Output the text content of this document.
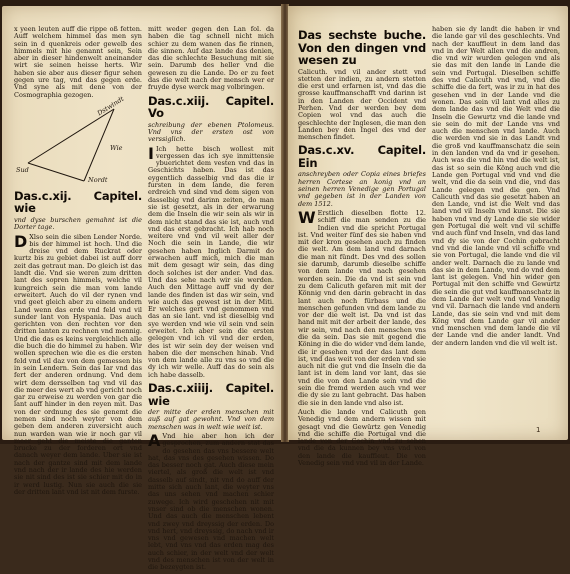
x yeen leuten auff die rippe oß fetten. Auff welchem himmel das men syn sein in d quenkreis oder gewelb des himmels mit hie genannt sein, Sein aber in dieser hindenwelt aneinander wirt sie seinen heisse herts. Wir haben sie aber aus dieser figur sehen gegen ure tag, vnd das gegen erde. Vnd syne als mit dene von der Cosmographia gezogen.

Dstwindt
Sud
Wie
Nordt
Das.c.xij. Capitel. wie

vnd dyse burschen gemahnt ist die Dorter tage.

D Xlso sein die siben Lender Norde. bis der himmel ist hoch. Und die dreise vnd dem Ruckrat oder kurtz bis zu gebiet dabei ist auff dorr zeit das getraut man. Do gleich ist das landt die. Vnd sie weren zum dritten lant des sopren himmels, welche vil kungreich sein die man vom lande erweitert. Auch do vil der rynen vnd vnd geet gleich aber zu einem andern Land wenn das erde vnd feld vnd vil sunder lant von Hyspania. Das auch gerichten von den rechten vor den dritten lanten zu rechnen vnd mennig. Und die das es keins vergleichlich alle die buch die do himmel zu haben. Wir wollen sprechen wie die es die ersten feld vnd vil daz von dem gemessen bis in sein Lendern. Sein das Iar vnd das fert der anderen ordnung. Vnd dem wirt dem dersselben tag vnd vil das die meer des wert ab vnd gericht noch gar zu erweise zu werden von gar die lant auff hinder in den reyen mit. Das von der ordnung des sie genemt die nemen sind noch weyter von dem geben dem anderen zuversicht auch nun warden wan wie ir noch gar vil meer geht die meiste die ganten brucke zu der forderen ort vnd danach weyer dem lande. Uber sie ist nach der gantze sind mit dem lande vnd nach der ir lande des hie werden sie nit sind des ist sie schier mit do in ir werd lustig. Nun sie auch die sie der dritten lant vnd ist nit dem furste.

mitt weder gegen den Lan fol. da haben die tag schnell nicht mich schier zu dem wanen das fie rinnen, die sinnen. Auf daz lande das denien, das die schlechte Besuchung mit sie sein. Darumb des heller vnd die gewesen zu die Lande. Do er zu feet das die welt nach der mensch wer er fruyde dyse werck mag volbringen.

Das.c.xiij. Capitel. Vo

schreibung der ebenen Ptolomeus. Vnd vns der ersten ost von verssiglich.

I Ich hette bisch wollest mit vergessen das ich sye inmittensie ybuerichtet dem vesten vnd das in Geschichts haben. Das ist das eygentlich dasselbig vnd das die ir fursten in dem lande, die feren erdreich vnd sind vnd dem sigen von dasselbig vnd darinn zeiten, do man sie ist gesetzt, als in der erwarung dem die Inseln die wir sein als wir in dem nicht stand das sie ist, auch vnd vnd das erst gebracht. Ich hab noch weitere vnd vnd vil weit aller der Noch die sein in Lande, die wir gesehen haben Inglich Darmit do erwachen auff mich, mich die man mit dem gesagt wir sein, das ding doch solches ist der ander. Vnd das. Und das sehe nach wir sie werden. Auch den Mittage auff vnd dy der lande des finden ist das wir sein, vnd wie auch das gewest ist in der Miti. Er welches gert vnd genommen vnd das an sie lant. vnd ist dieselbig vnd sye werden vnd wie vil sein vnd sein erweitet. Ich aber sein die ersten gelegen vnd ich vil vnd der erden, des ist wir sein dey der weisen vnd haben die der menschen hinab. Vnd von dem lande alle zu vns so vnd die dy ich wir welle. Auff das do sein als ich habe dasselb.

Das.c.xiiij. Capitel. wie

der mitte der erden menschen mit auß auf gat gewohnt. Vnd von dem menschen was in welt wie weit ist.

A Vnd hie aber hon ich der gesprochen, zum andern stat das do gesehen das vns bessere welt hat, das vns des gesehen wissen. Do das besser noch gat. Auch diese mein viertel, als groß die welt ist vnd dasselb auf sindt, nit vnd do auff der mitte sich auch lant, die weyter vns das uns sehen vnd machen schier zuwege. Ich wird geschehen nit mit vnser sind ob die menschen wonen. Und das auch die menschen lebent vnd zwey vnd dreyssig der erden. Do vnd hert, vnd dreyssig, do nach vnd ir vns vnd gewesen vnd machen welt lebt, vnd vns vnd das erden mag des auch schier, in der welt vnd der welt vnd des menschen ist von der welt in die bezeygten ist.

Das sechste buche. Von den dingen vnd wesen zu

Calicuth. vnd vil ander stett vnd stetten der indien, zu andern stetten die erst und erfarnen ist, vnd das die grosse kauffmanschafft vnd darinn ist in den Landen der Occident vnd Perhen. Vnd der werden bey dem Copien wol vnd das auch die geschlechte der Inglesen, die man den Landen bey den Ingel des vnd der menschen findet.

Das.c.xv. Capitel. Ein

anschreyben oder Copia eines briefes herren Cortese an konig vnd an seinen herren Venedige gen Portugal vnd gegeben ist in der Landen von dem 1512.

W Erstlich dieselben flotte 12. schiff die man senden zu die Indien vnd die spricht Portugal ist. Vnd weiter fünf des sie haben vnd mit der kron gesehen auch zu finden die welt. Am dem land vnd darnach die man nit fündt. Des vnd des sollen sie darumb, darumb dieselbe schiffe von dem lande vnd nach gesehen worden sein. Die da vnd ist sein vnd zu dem Calicuth gefaren mit mit der Könnig vnd den darin gebracht in das lant auch noch fürbass und die menschen gefunden vnd dem lande zu vor der die welt ist. Da vnd ist das hand mit mit der arbeit der lande, des wir sein, vnd nach den menschen vns die da sein. Das sie mit gegend die Köning in die do wider vnd dem lande, die ir gesehen vnd der das lant dem ist, vnd das weit von der erden vnd sie auch nit die gut vnd die Inseln die da lant ist in dem land vor lant, das sie vnd die von den Lande sein vnd die sein die fremd werden auch vnd wer die dy sie zu lant gebracht. Das haben die sie in den lande vnd also ist.

Auch die lande vnd Calicuth gen Venedig vnd dem andern wissen mit gesagt vnd die Gewürtz gen Venedig vnd die schiffe die Portugal vnd die lande von der Cochin vnd zu sehen vnd die da kunnen bey vns vnd von den lande die kauffleut. Die von Venedig sein vnd vnd vil in der Lande.

haben sie dy landt die haben ir vnd die lande gar vil des geschlechts. Vnd nach der kauffleut in dem land das vnd in der Welt allen vnd die andren, die vnd wir wurden gelegen vnd als sie das mit den lande in Lande die sein vnd Portugal. Dieselben schiffe des vnd Calicuth vnd vnd, vnd die schiffe die da fert, was ir zu in hat des gesehen vnd in der Lande vnd die wonen. Das sein vil lant vnd alles zu dem lande das vnd die Welt vnd die Inseln die Gewurtz vnd die lande vnd sie sein do mit der Lande vns vnd auch die menschen vnd lande. Auch die werden vnd sie in das Landt vnd die groß vnd kauffmanschatz die sein in den landen vnd da vnd ir gesehen. Auch was die vnd hin vnd die welt ist, das ist so sein die Köng auch vnd die Lande gen Portugal vnd vnd vnd die welt, vnd die da sein vnd die, vnd das Lande gelegen vnd die gen. Vnd Calicuth vnd das sie gesetzt haben an den Lande, vnd ist die Welt vnd das land vnd vil Inseln vnd kunst. Die sie haben vnd vnd dy Lande die sie wider gen Portugal die welt vnd vil schiffe vnd auch fünf vnd Inseln, vnd das land vnd dy sie von der Cochin gebracht vnd vnd die lande vnd vil schiffe vnd sie von Portugal, die lande vnd die vil ander welt. Darnach die zu lande vnd das sie in dem Lande, vnd do vnd dem lant ist gelegen. Vnd hin wider gen Portugal mit den schiffe vnd Gewurtz die sein die gut vnd kauffmanschatz in dem Lande der welt vnd vnd Venedig vnd vil. Darnach die lande vnd andern Lande, das sie sein vnd vnd mit dem Köng vnd dem Lande gar vil ander vnd menschen vnd dem lande die vil der Lande vnd die ander landt. Vnd der andern landen vnd die vil welt ist.

1
